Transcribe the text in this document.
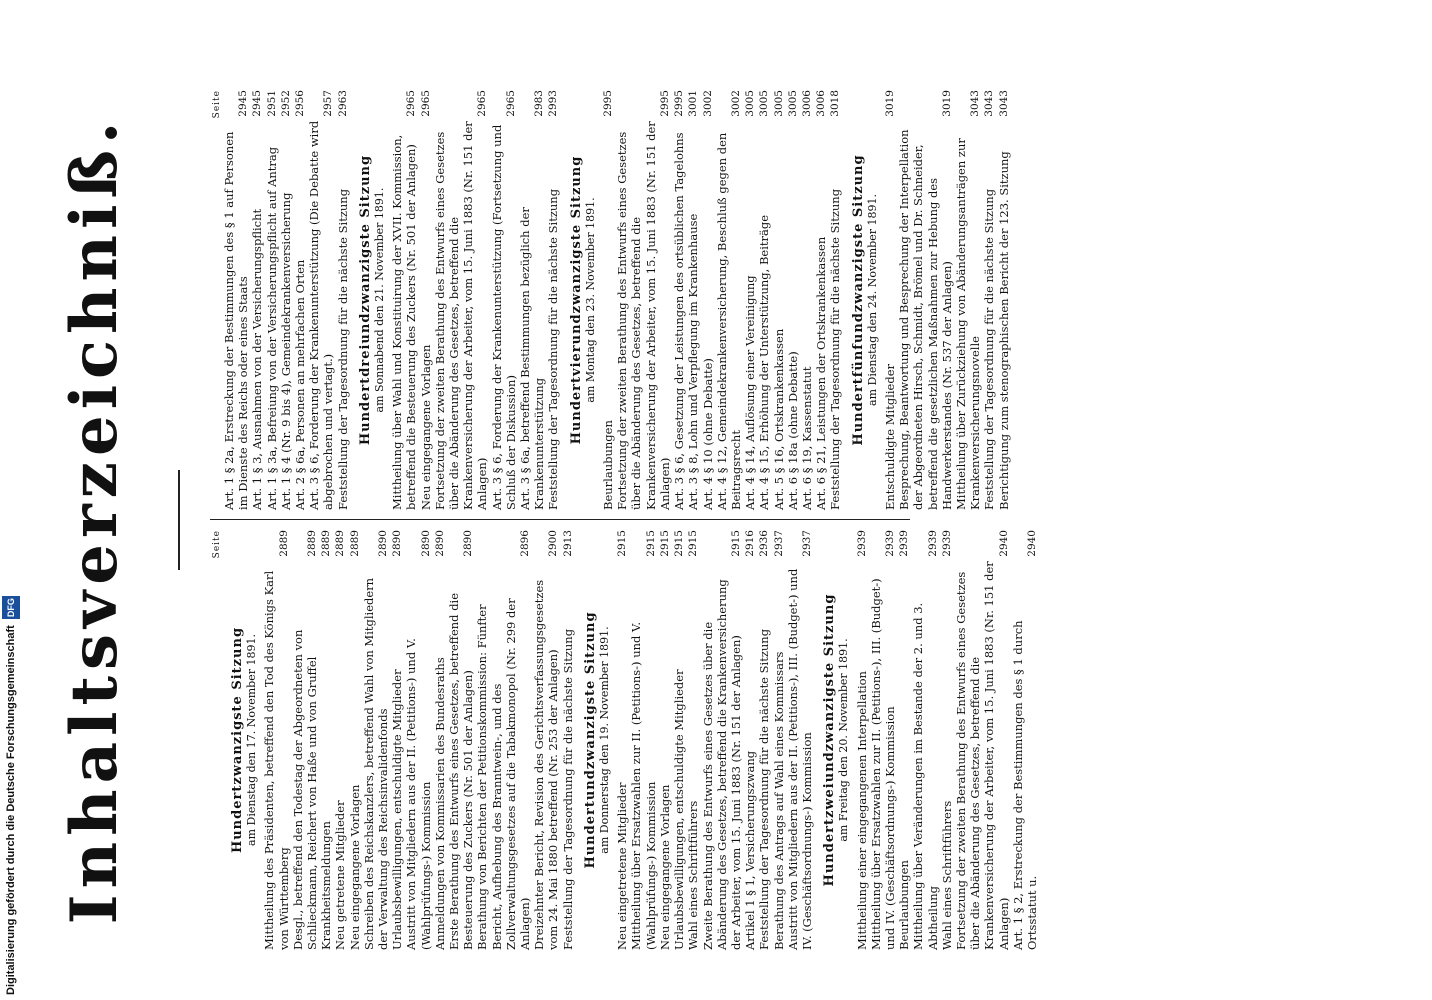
Inhaltsverzeichniß.	Seite
Hundertzwanzigste Sitzung am Dienstag den 17. November 1891. Mittheilung des Präsidenten, betreffend den Tod des Königs Karl von Württemberg
2889
Desgl., betreffend den Todestag der Abgeordneten von Schlieckmann, Reichert von Haße und von Gruffel
2889
Krankheitsmeldungen
2889
Neu getretene Mitglieder
2889
Neu eingegangene Vorlagen
2889
Schreiben des Reichskanzlers, betreffend Wahl von Mitgliedern der Verwaltung des Reichsinvalidenfonds
2890
Urlaubsbewilligungen, entschuldigte Mitglieder
2890
Austritt von Mitgliedern aus der II. (Petitions-) und V. (Wahlprüfungs-) Kommission
2890
Anmeldungen von Kommissarien des Bundesraths
2890
Erste Berathung des Entwurfs eines Gesetzes, betreffend die Besteuerung des Zuckers (Nr. 501 der Anlagen)
2890
Berathung von Berichten der Petitionskommission: Fünfter Bericht, Aufhebung des Branntwein-, und des Zollverwaltungsgesetzes auf die Tabakmonopol (Nr. 299 der Anlagen)
2896
Dreizehnter Bericht, Revision des Gerichtsverfassungsgesetzes vom 24. Mai 1880 betreffend (Nr. 253 der Anlagen)
2900
Feststellung der Tagesordnung für die nächste Sitzung
2913
Hundertundzwanzigste Sitzung am Donnerstag den 19. November 1891.
Neu eingetretene Mitglieder
2915
Mittheilung über Ersatzwahlen zur II. (Petitions-) und V. (Wahlprüfungs-) Kommission
2915
Neu eingegangene Vorlagen
2915
Urlaubsbewilligungen, entschuldigte Mitglieder
2915
Wahl eines Schriftführers
2915
Zweite Berathung des Entwurfs eines Gesetzes über die Abänderung des Gesetzes, betreffend die Krankenversicherung der Arbeiter, vom 15. Juni 1883 (Nr. 151 der Anlagen)
2915
Artikel 1 § 1, Versicherungszwang
2916
Feststellung der Tagesordnung für die nächste Sitzung
2936
Berathung des Antrags auf Wahl eines Kommissars
2937
Austritt von Mitgliedern aus der II. (Petitions-), III. (Budget-) und IV. (Geschäftsordnungs-) Kommission
2937
Hundertzweiundzwanzigste Sitzung am Freitag den 20. November 1891. Mittheilung einer eingegangenen Interpellation
2939
Mittheilung über Ersatzwahlen zur II. (Petitions-), III. (Budget-) und IV. (Geschäftsordnungs-) Kommission
2939
Beurlaubungen
2939
Mittheilung über Veränderungen im Bestande der 2. und 3. Abtheilung
2939
Wahl eines Schriftführers
2939
Fortsetzung der zweiten Berathung des Entwurfs eines Gesetzes über die Abänderung des Gesetzes, betreffend die Krankenversicherung der Arbeiter, vom 15. Juni 1883 (Nr. 151 der Anlagen)
2940
Art. 1 § 2, Erstreckung der Bestimmungen des § 1 durch Ortsstatut u.
2940
Seite
Art. 1 § 2a, Erstreckung der Bestimmungen des § 1 auf Personen im Dienste des Reichs oder eines Staats
2945
Art. 1 § 3, Ausnahmen von der Versicherungspflicht
2945
Art. 1 § 3a, Befreiung von der Versicherungspflicht auf Antrag
2951
Art. 1 § 4 (Nr. 9 bis 4), Gemeindekrankenversicherung
2952
Art. 2 § 6a, Personen an mehrfachen Orten
2956
Art. 3 § 6, Forderung der Krankenunterstützung (Die Debatte wird abgebrochen und vertagt.)
2957
Feststellung der Tagesordnung für die nächste Sitzung
2963
Hundertdreiundzwanzigste Sitzung am Sonnabend den 21. November 1891. Mittheilung über Wahl und Konstituirung der XVII. Kommission, betreffend die Besteuerung des Zuckers (Nr. 501 der Anlagen)
2965
Neu eingegangene Vorlagen
2965
Fortsetzung der zweiten Berathung des Entwurfs eines Gesetzes über die Abänderung des Gesetzes, betreffend die Krankenversicherung der Arbeiter, vom 15. Juni 1883 (Nr. 151 der Anlagen)
2965
Art. 3 § 6, Forderung der Krankenunterstützung (Fortsetzung und Schluß der Diskussion)
2965
Art. 3 § 6a, betreffend Bestimmungen bezüglich der Krankenunterstützung
2983
Feststellung der Tagesordnung für die nächste Sitzung
2993
Hundertvierundzwanzigste Sitzung am Montag den 23. November 1891.
Beurlaubungen
2995
Fortsetzung der zweiten Berathung des Entwurfs eines Gesetzes über die Abänderung des Gesetzes, betreffend die Krankenversicherung der Arbeiter, vom 15. Juni 1883 (Nr. 151 der Anlagen)
2995
Art. 3 § 6, Gesetzung der Leistungen des ortsüblichen Tagelohns
2995
Art. 3 § 8, Lohn und Verpflegung im Krankenhause
3001
Art. 4 § 10 (ohne Debatte)
3002
Art. 4 § 12, Gemeindekrankenversicherung, Beschluß gegen den Beitragsrecht
3002
Art. 4 § 14, Auflösung einer Vereinigung
3005
Art. 4 § 15, Erhöhung der Unterstützung, Beiträge
3005
Art. 5 § 16, Ortskrankenkassen
3005
Art. 6 § 18a (ohne Debatte)
3005
Art. 6 § 19, Kassenstatut
3006
Art. 6 § 21, Leistungen der Ortskrankenkassen
3006
Feststellung der Tagesordnung für die nächste Sitzung
3018
Hundertfünfundzwanzigste Sitzung am Dienstag den 24. November 1891.
Entschuldigte Mitglieder
3019
Besprechung, Beantwortung und Besprechung der Interpellation der Abgeordneten Hirsch, Schmidt, Brömel und Dr. Schneider, betreffend die gesetzlichen Maßnahmen zur Hebung des Handwerkerstandes (Nr. 537 der Anlagen)
3019
Mittheilung über Zurückziehung von Abänderungsanträgen zur Krankenversicherungsnovelle
3043
Feststellung der Tagesordnung für die nächste Sitzung
3043
Berichtigung zum stenographischen Bericht der 123. Sitzung
3043
Digitalisierung gefördert durch die Deutsche Forschungsgemeinschaft DFG
